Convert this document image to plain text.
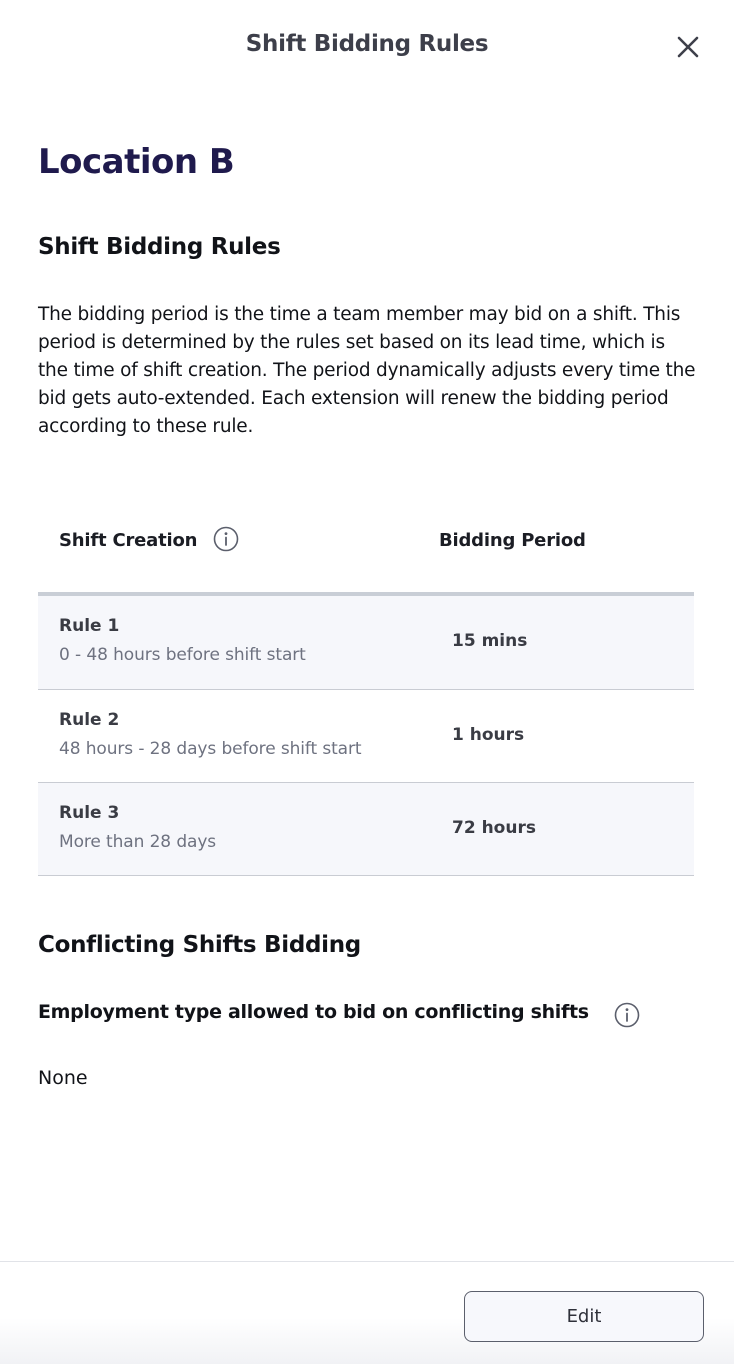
Shift Bidding Rules
Location B
Shift Bidding Rules

The bidding period is the time a team member may bid on a shift. This period is determined by the rules set based on its lead time, which is the time of shift creation. The period dynamically adjusts every time the bid gets auto-extended. Each extension will renew the bidding period according to these rule.

Shift Creation	Bidding Period
Rule 1
0 - 48 hours before shift start
15 mins
Rule 2
48 hours - 28 days before shift start
1 hours
Rule 3
More than 28 days
72 hours
Conflicting Shifts Bidding
Employment type allowed to bid on conflicting shifts
None
Edit
